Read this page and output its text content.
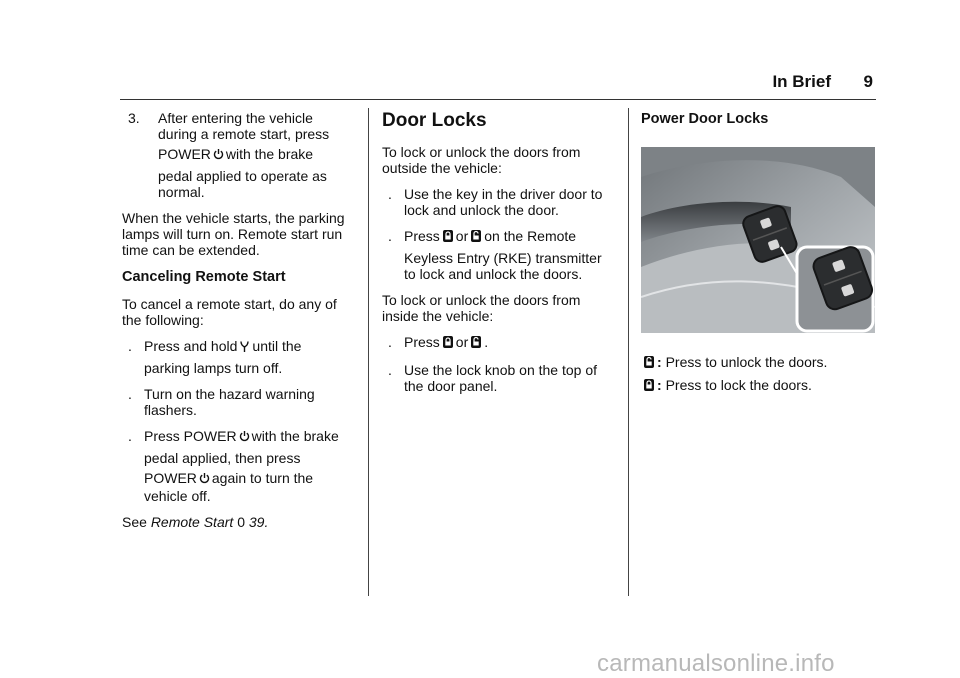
In Brief 9
3. After entering the vehicle
during a remote start, press
POWER with the brake
pedal applied to operate as
normal.

When the vehicle starts, the parking lamps will turn on. Remote start run time can be extended.

Canceling Remote Start

To cancel a remote start, do any of the following:

. Press and hold until the
parking lamps turn off.
. Turn on the hazard warning flashers.
. Press POWER with the brake
pedal applied, then press
POWER again to turn the
vehicle off.

See Remote Start 0 39.

Door Locks

To lock or unlock the doors from outside the vehicle:

. Use the key in the driver door to lock and unlock the door.
. Press or on the Remote
Keyless Entry (RKE) transmitter
to lock and unlock the doors.

To lock or unlock the doors from inside the vehicle:

. Press or .
. Use the lock knob on the top of the door panel.
Power Door Locks
: Press to unlock the doors.
: Press to lock the doors.
carmanualsonline.info
